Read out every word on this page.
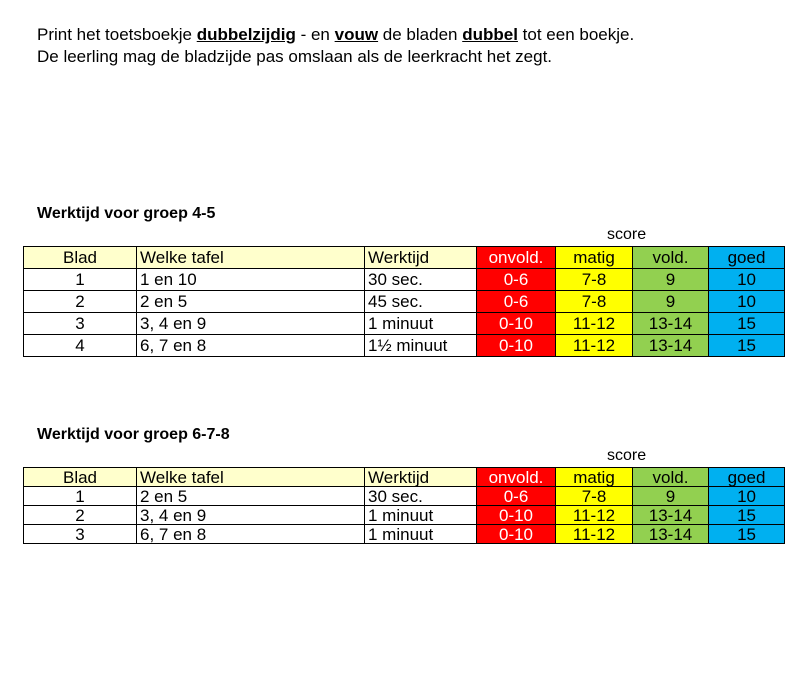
Print het toetsboekje dubbelzijdig - en vouw de bladen dubbel tot een boekje.
De leerling mag de bladzijde pas omslaan als de leerkracht het zegt.
Werktijd voor groep 4-5
score
Blad	Welke tafel	Werktijd	onvold.	matig	vold.	goed
1	1 en 10	30 sec.	0-6	7-8	9	10
2	2 en 5	45 sec.	0-6	7-8	9	10
3	3, 4 en 9	1 minuut	0-10	11-12	13-14	15
4	6, 7 en 8	1½ minuut	0-10	11-12	13-14	15
Werktijd voor groep 6-7-8
score
Blad	Welke tafel	Werktijd	onvold.	matig	vold.	goed
1	2 en 5	30 sec.	0-6	7-8	9	10
2	3, 4 en 9	1 minuut	0-10	11-12	13-14	15
3	6, 7 en 8	1 minuut	0-10	11-12	13-14	15
